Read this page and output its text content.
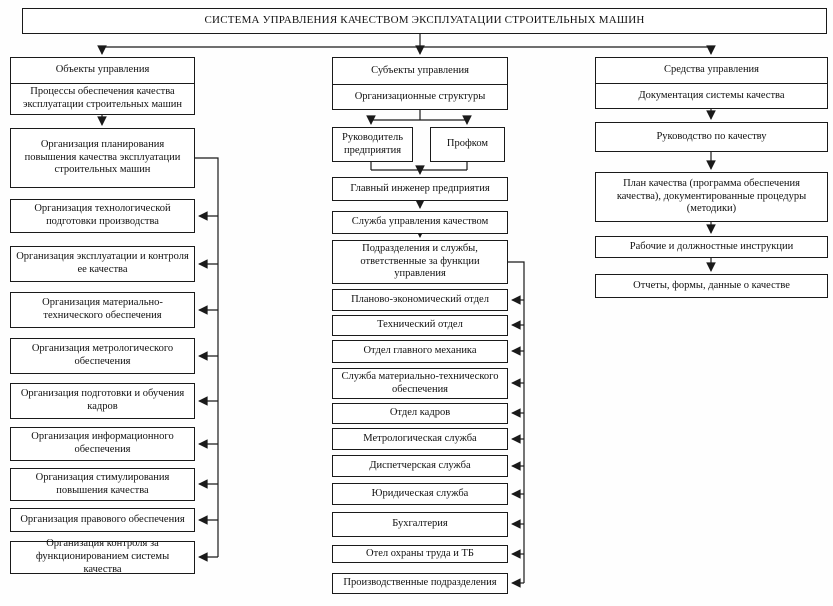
СИСТЕМА УПРАВЛЕНИЯ КАЧЕСТВОМ ЭКСПЛУАТАЦИИ СТРОИТЕЛЬНЫХ МАШИН
Объекты управления
Процессы обеспечения качества эксплуатации строительных машин
Организация планирования повышения качества эксплуатации строительных машин
Организация технологической подготовки производства
Организация эксплуатации и контроля ее качества
Организация материально-технического обеспечения
Организация метрологического обеспечения
Организация подготовки и обучения кадров
Организация информационного обеспечения
Организация стимулирования повышения качества
Организация правового обеспечения
Организация контроля за функционированием системы качества
Субъекты управления
Организационные структуры
Руководитель предприятия
Профком
Главный инженер предприятия
Служба управления качеством
Подразделения и службы, ответственные за функции управления
Планово-экономический отдел
Технический отдел
Отдел главного механика
Служба материально-технического обеспечения
Отдел кадров
Метрологическая служба
Диспетчерская служба
Юридическая служба
Бухгалтерия
Отел охраны труда и ТБ
Производственные подразделения
Средства управления
Документация системы качества
Руководство по качеству
План качества (программа обеспечения качества), документированные процедуры (методики)
Рабочие и должностные инструкции
Отчеты, формы, данные о качестве
